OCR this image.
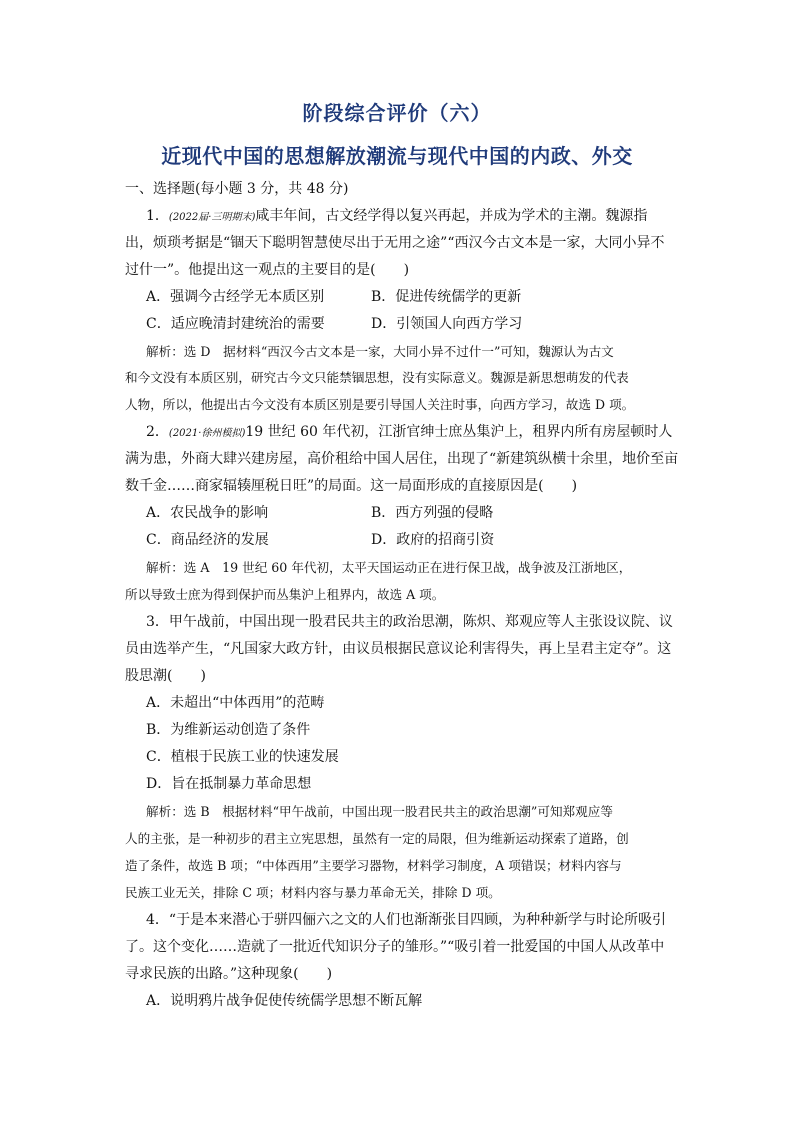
阶段综合评价（六）
近现代中国的思想解放潮流与现代中国的内政、外交
一、选择题(每小题 3 分，共 48 分)
1．(2022届·三明期末)咸丰年间，古文经学得以复兴再起，并成为学术的主潮。魏源指
出，烦琐考据是“锢天下聪明智慧使尽出于无用之途”“西汉今古文本是一家，大同小异不
过什一”。他提出这一观点的主要目的是(　　)
A．强调今古经学无本质区别	B．促进传统儒学的更新
C．适应晚清封建统治的需要	D．引领国人向西方学习
解析：选 D　据材料“西汉今古文本是一家，大同小异不过什一”可知，魏源认为古文
和今文没有本质区别，研究古今文只能禁锢思想，没有实际意义。魏源是新思想萌发的代表
人物，所以，他提出古今文没有本质区别是要引导国人关注时事，向西方学习，故选 D 项。
2．(2021·徐州模拟)19 世纪 60 年代初，江浙官绅士庶丛集沪上，租界内所有房屋顿时人
满为患，外商大肆兴建房屋，高价租给中国人居住，出现了“新建筑纵横十余里，地价至亩
数千金……商家辐辏厘税日旺”的局面。这一局面形成的直接原因是(　　)
A．农民战争的影响	B．西方列强的侵略
C．商品经济的发展	D．政府的招商引资
解析：选 A　19 世纪 60 年代初，太平天国运动正在进行保卫战，战争波及江浙地区，
所以导致士庶为得到保护而丛集沪上租界内，故选 A 项。
3．甲午战前，中国出现一股君民共主的政治思潮，陈炽、郑观应等人主张设议院、议
员由选举产生，“凡国家大政方针，由议员根据民意议论利害得失，再上呈君主定夺”。这
股思潮(　　)
A．未超出“中体西用”的范畴
B．为维新运动创造了条件
C．植根于民族工业的快速发展
D．旨在抵制暴力革命思想
解析：选 B　根据材料“甲午战前，中国出现一股君民共主的政治思潮”可知郑观应等
人的主张，是一种初步的君主立宪思想，虽然有一定的局限，但为维新运动探索了道路，创
造了条件，故选 B 项；“中体西用”主要学习器物，材料学习制度，A 项错误；材料内容与
民族工业无关，排除 C 项；材料内容与暴力革命无关，排除 D 项。
4．“于是本来潜心于骈四俪六之文的人们也渐渐张目四顾，为种种新学与时论所吸引
了。这个变化……造就了一批近代知识分子的雏形。”“吸引着一批爱国的中国人从改革中
寻求民族的出路。”这种现象(　　)
A．说明鸦片战争促使传统儒学思想不断瓦解
